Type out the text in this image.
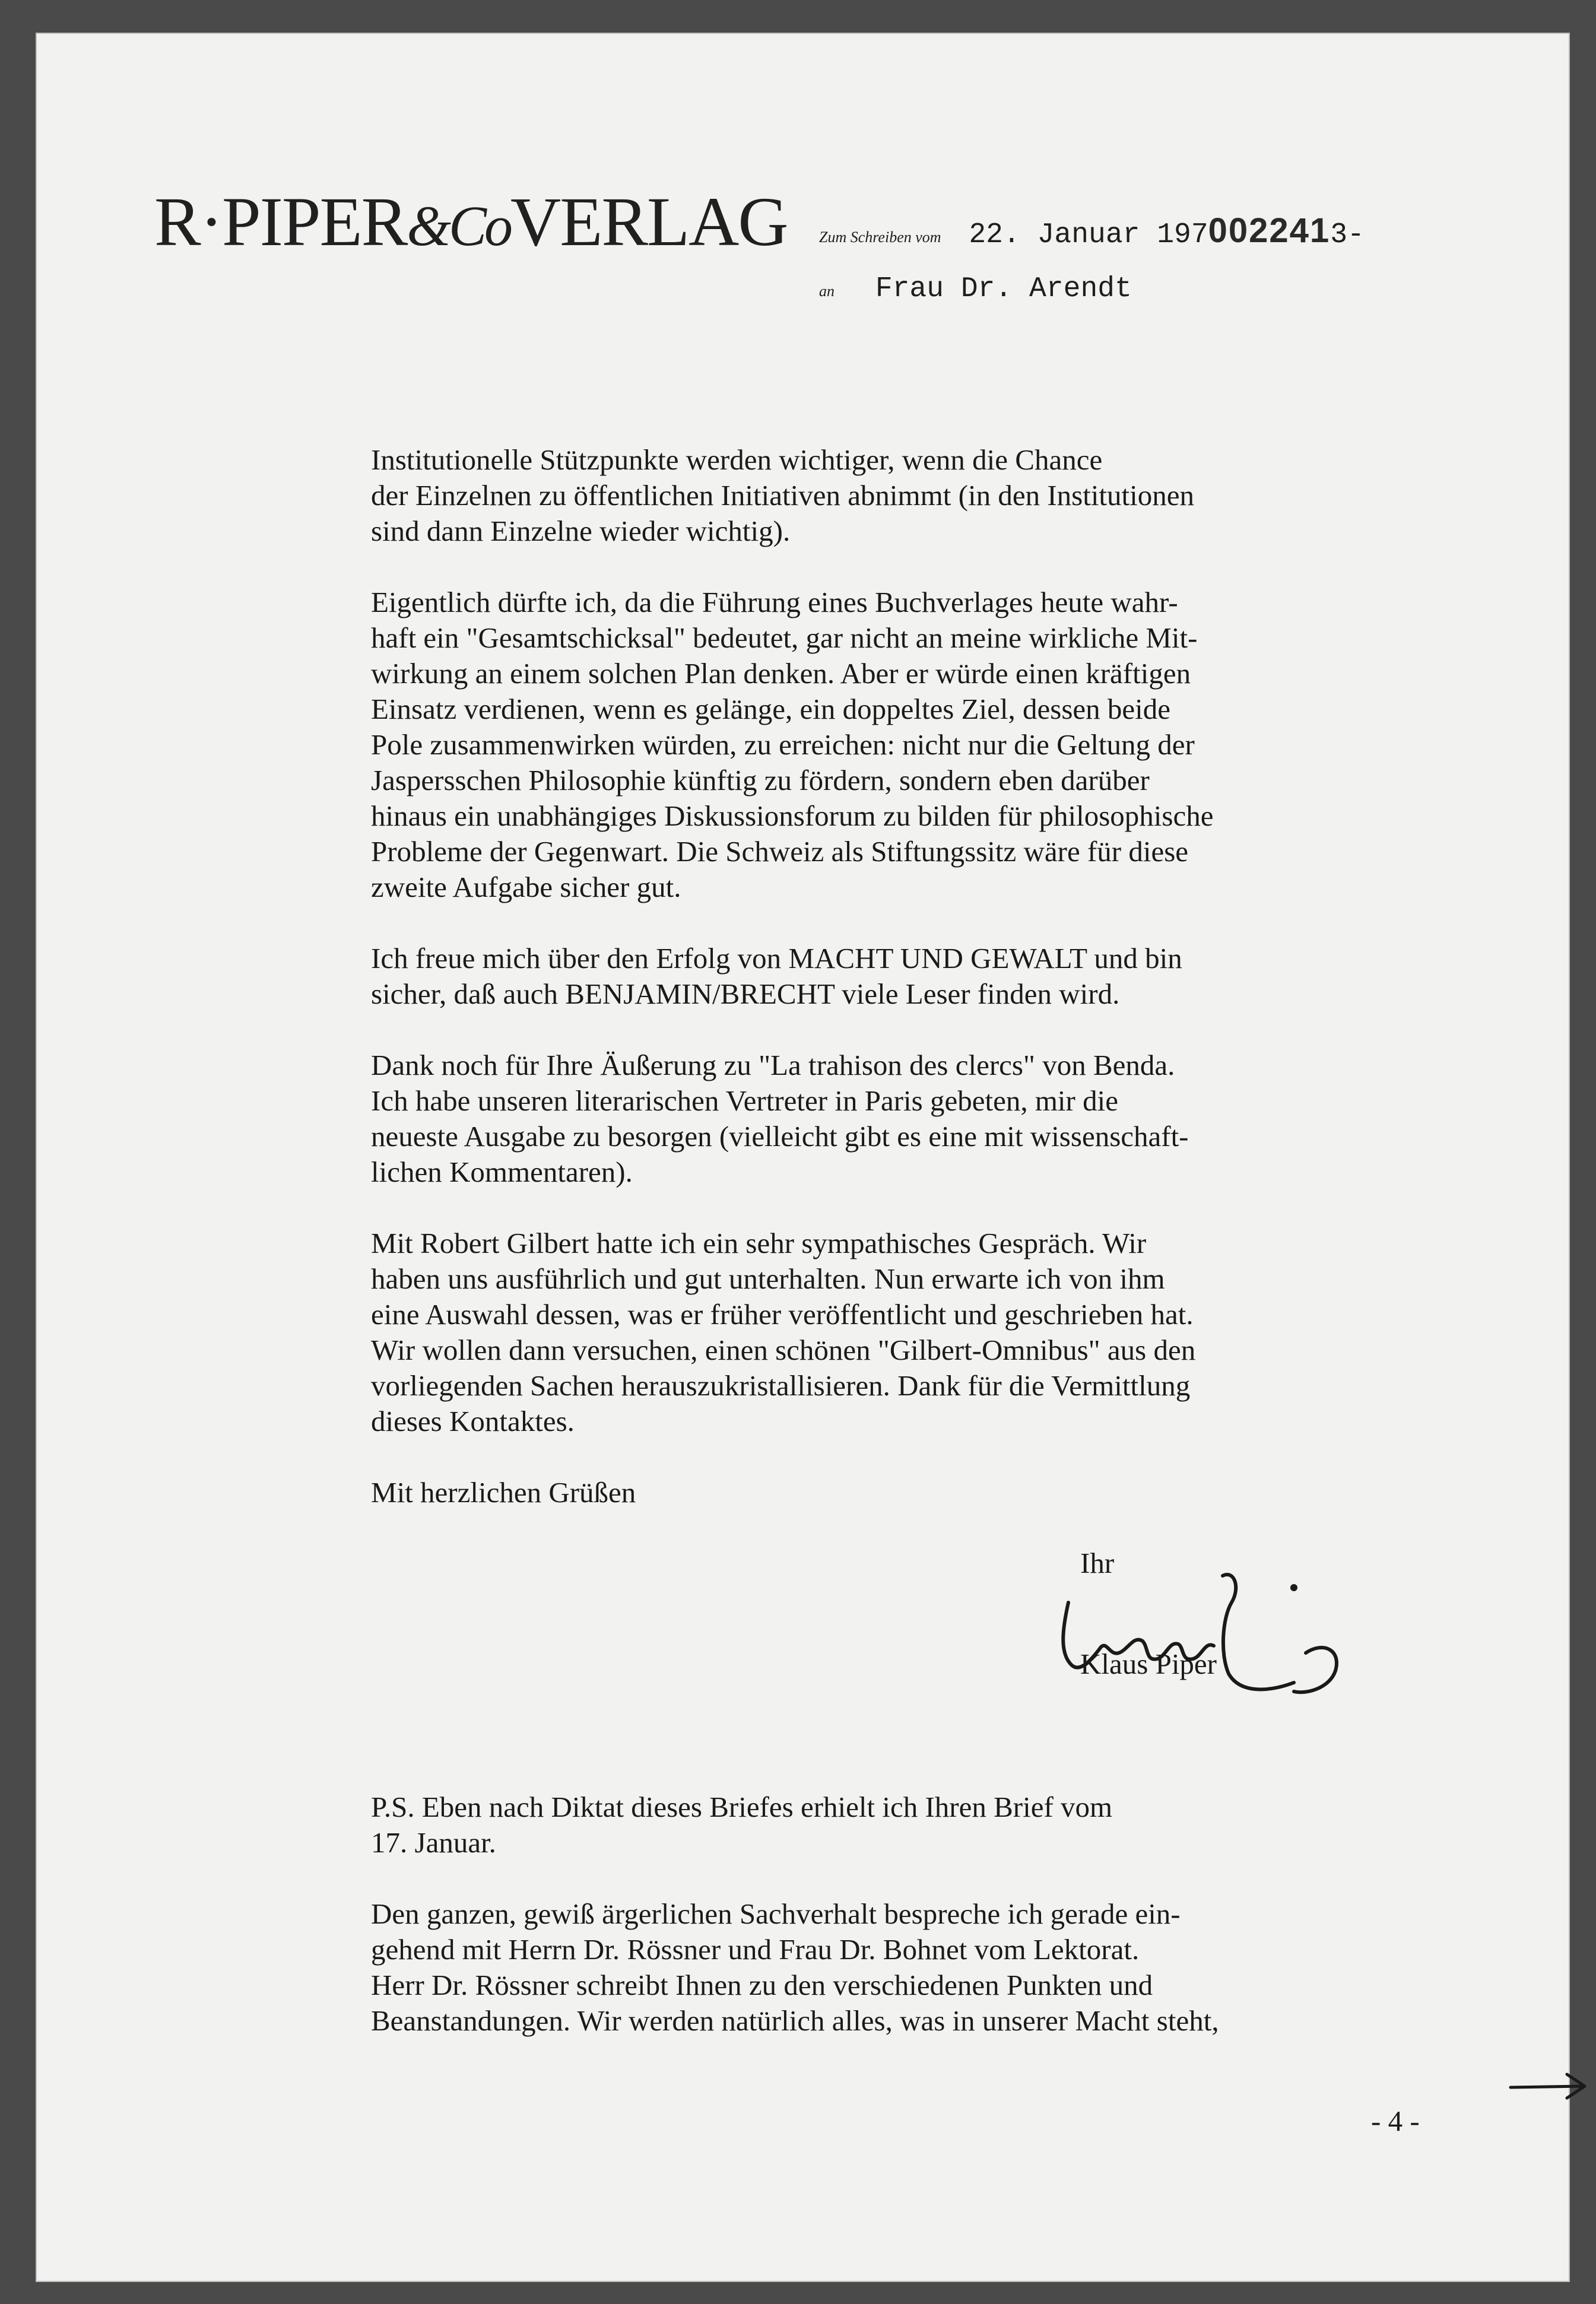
R·PIPER&CoVERLAG Zum Schreiben vom 22. Januar 1970022413-
an Frau Dr. Arendt
Institutionelle Stützpunkte werden wichtiger, wenn die Chance
der Einzelnen zu öffentlichen Initiativen abnimmt (in den Institutionen
sind dann Einzelne wieder wichtig).
Eigentlich dürfte ich, da die Führung eines Buchverlages heute wahr-
haft ein "Gesamtschicksal" bedeutet, gar nicht an meine wirkliche Mit-
wirkung an einem solchen Plan denken. Aber er würde einen kräftigen
Einsatz verdienen, wenn es gelänge, ein doppeltes Ziel, dessen beide
Pole zusammenwirken würden, zu erreichen: nicht nur die Geltung der
Jaspersschen Philosophie künftig zu fördern, sondern eben darüber
hinaus ein unabhängiges Diskussionsforum zu bilden für philosophische
Probleme der Gegenwart. Die Schweiz als Stiftungssitz wäre für diese
zweite Aufgabe sicher gut.
Ich freue mich über den Erfolg von MACHT UND GEWALT und bin
sicher, daß auch BENJAMIN/BRECHT viele Leser finden wird.
Dank noch für Ihre Äußerung zu "La trahison des clercs" von Benda.
Ich habe unseren literarischen Vertreter in Paris gebeten, mir die
neueste Ausgabe zu besorgen (vielleicht gibt es eine mit wissenschaft-
lichen Kommentaren).
Mit Robert Gilbert hatte ich ein sehr sympathisches Gespräch. Wir
haben uns ausführlich und gut unterhalten. Nun erwarte ich von ihm
eine Auswahl dessen, was er früher veröffentlicht und geschrieben hat.
Wir wollen dann versuchen, einen schönen "Gilbert-Omnibus" aus den
vorliegenden Sachen herauszukristallisieren. Dank für die Vermittlung
dieses Kontaktes.
Mit herzlichen Grüßen
Ihr
Klaus Piper
P.S. Eben nach Diktat dieses Briefes erhielt ich Ihren Brief vom
17. Januar.
Den ganzen, gewiß ärgerlichen Sachverhalt bespreche ich gerade ein-
gehend mit Herrn Dr. Rössner und Frau Dr. Bohnet vom Lektorat.
Herr Dr. Rössner schreibt Ihnen zu den verschiedenen Punkten und
Beanstandungen. Wir werden natürlich alles, was in unserer Macht steht,
- 4 -
